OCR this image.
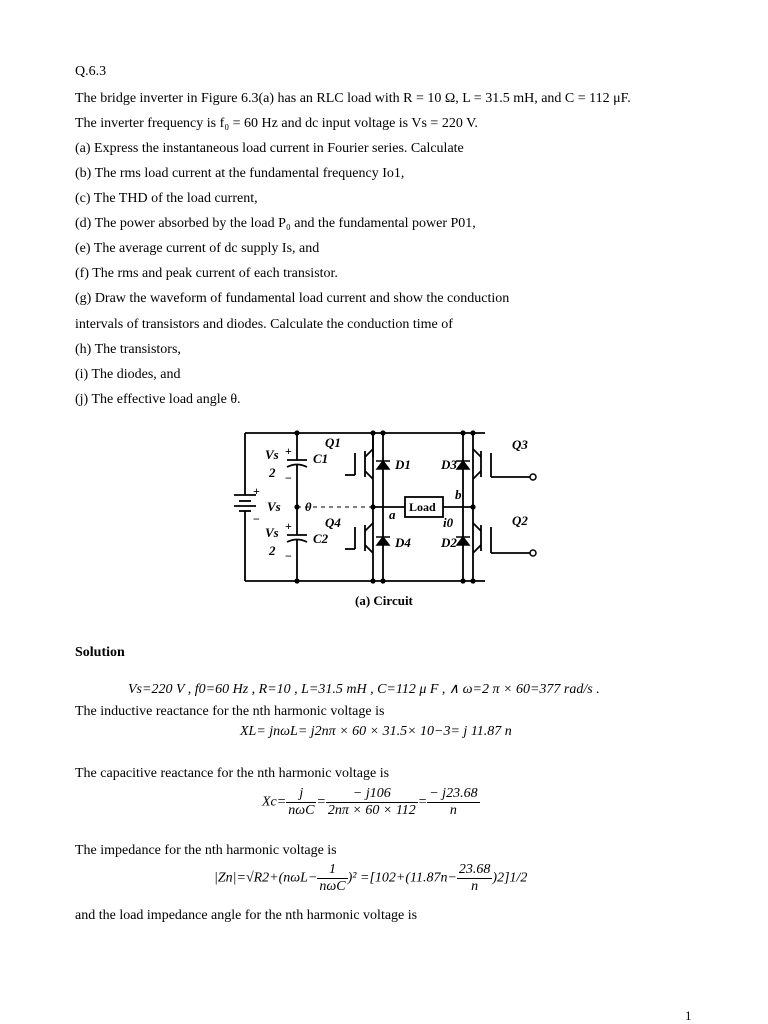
Q.6.3
The bridge inverter in Figure 6.3(a) has an RLC load with R = 10 Ω, L = 31.5 mH, and C = 112 μF.
The inverter frequency is f₀ = 60 Hz and dc input voltage is Vs = 220 V.
(a) Express the instantaneous load current in Fourier series. Calculate
(b) The rms load current at the fundamental frequency Io1,
(c) The THD of the load current,
(d) The power absorbed by the load P₀ and the fundamental power P01,
(e) The average current of dc supply Is, and
(f) The rms and peak current of each transistor.
(g) Draw the waveform of fundamental load current and show the conduction
intervals of transistors and diodes. Calculate the conduction time of
(h) The transistors,
(i) The diodes, and
(j) The effective load angle θ.
Q1
Q4
Q3
Q2
D1
D4
D3
D2
C1
C2
Vs
2
Vs
2
Vs 0
a
b
i0
Load
+
−
+
−
+
−
(a) Circuit
Solution
Vs=220 V , f0=60 Hz , R=10 , L=31.5 mH , C=112 μ F , ∧ ω=2 π × 60=377 rad/s .
The inductive reactance for the nth harmonic voltage is
XL= jnωL= j2nπ × 60 × 31.5× 10−3= j 11.87 n
The capacitive reactance for the nth harmonic voltage is
$Xc= \frac{j}{\text{nωC}} = \frac{- j106}{2n\pi \times 60 \times 112} = \frac{- j23.68}{n}$
The impedance for the nth harmonic voltage is
$|Zn|=√R2+(n\omega L- \frac{1}{\text{nωC}} )^2 =[102+(11.87n- \frac{23.68}{n} )2]1/2$
and the load impedance angle for the nth harmonic voltage is
1
